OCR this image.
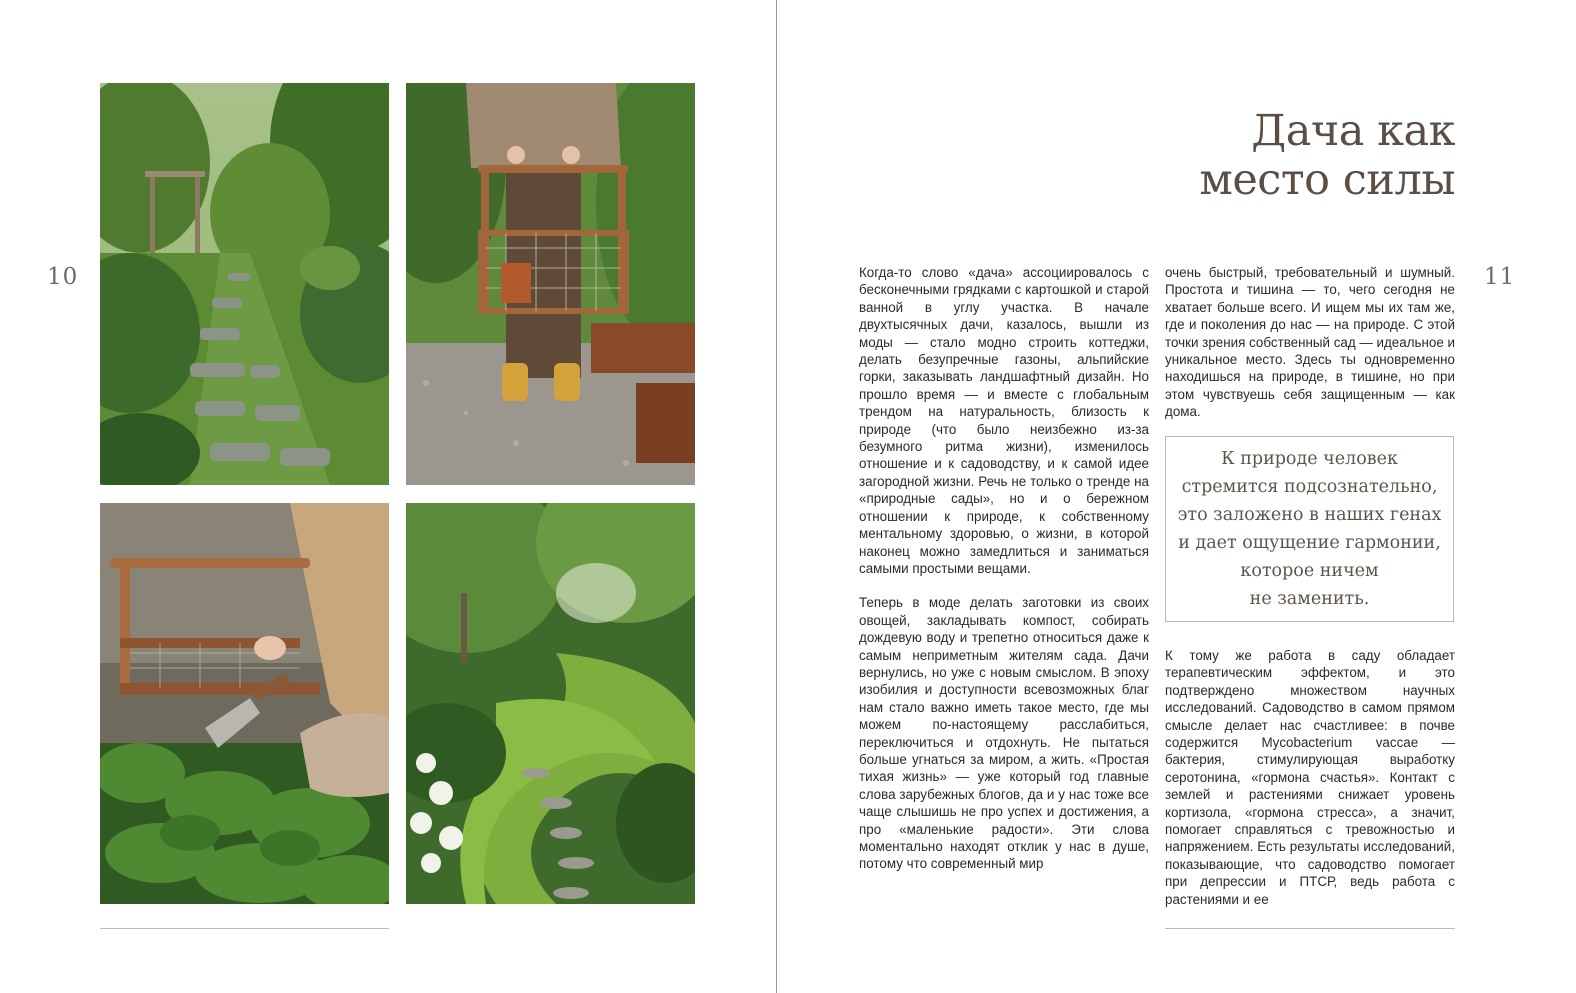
10	11
Дача как
место силы

Когда-то слово «дача» ассоциировалось с бесконечными грядками с картошкой и старой ванной в углу участка. В начале двухтысячных дачи, казалось, вышли из моды — стало модно строить коттеджи, делать безупречные газоны, альпийские горки, заказывать ландшафтный дизайн. Но прошло время — и вместе с глобальным трендом на натуральность, близость к природе (что было неизбежно из-за безумного ритма жизни), изменилось отношение и к садоводству, и к самой идее загородной жизни. Речь не только о тренде на «природные сады», но и о бережном отношении к природе, к собственному ментальному здоровью, о жизни, в которой наконец можно замедлиться и заниматься самыми простыми вещами.

Теперь в моде делать заготовки из своих овощей, закладывать компост, собирать дождевую воду и трепетно относиться даже к самым неприметным жителям сада. Дачи вернулись, но уже с новым смыслом. В эпоху изобилия и доступности всевозможных благ нам стало важно иметь такое место, где мы можем по-настоящему расслабиться, переключиться и отдохнуть. Не пытаться больше угнаться за миром, а жить. «Простая тихая жизнь» — уже который год главные слова зарубежных блогов, да и у нас тоже все чаще слышишь не про успех и достижения, а про «маленькие радости». Эти слова моментально находят отклик у нас в душе, потому что современный мир

очень быстрый, требовательный и шумный. Простота и тишина — то, чего сегодня не хватает больше всего. И ищем мы их там же, где и поколения до нас — на природе. С этой точки зрения собственный сад — идеальное и уникальное место. Здесь ты одновременно находишься на природе, в тишине, но при этом чувствуешь себя защищенным — как дома.

К природе человек
стремится подсознательно,
это заложено в наших генах
и дает ощущение гармонии,
которое ничем
не заменить.

К тому же работа в саду обладает терапевтическим эффектом, и это подтверждено множеством научных исследований. Садоводство в самом прямом смысле делает нас счастливее: в почве содержится Mycobacterium vaccae — бактерия, стимулирующая выработку серотонина, «гормона счастья». Контакт с землей и растениями снижает уровень кортизола, «гормона стресса», а значит, помогает справляться с тревожностью и напряжением. Есть результаты исследований, показывающие, что садоводство помогает при депрессии и ПТСР, ведь работа с растениями и ее
